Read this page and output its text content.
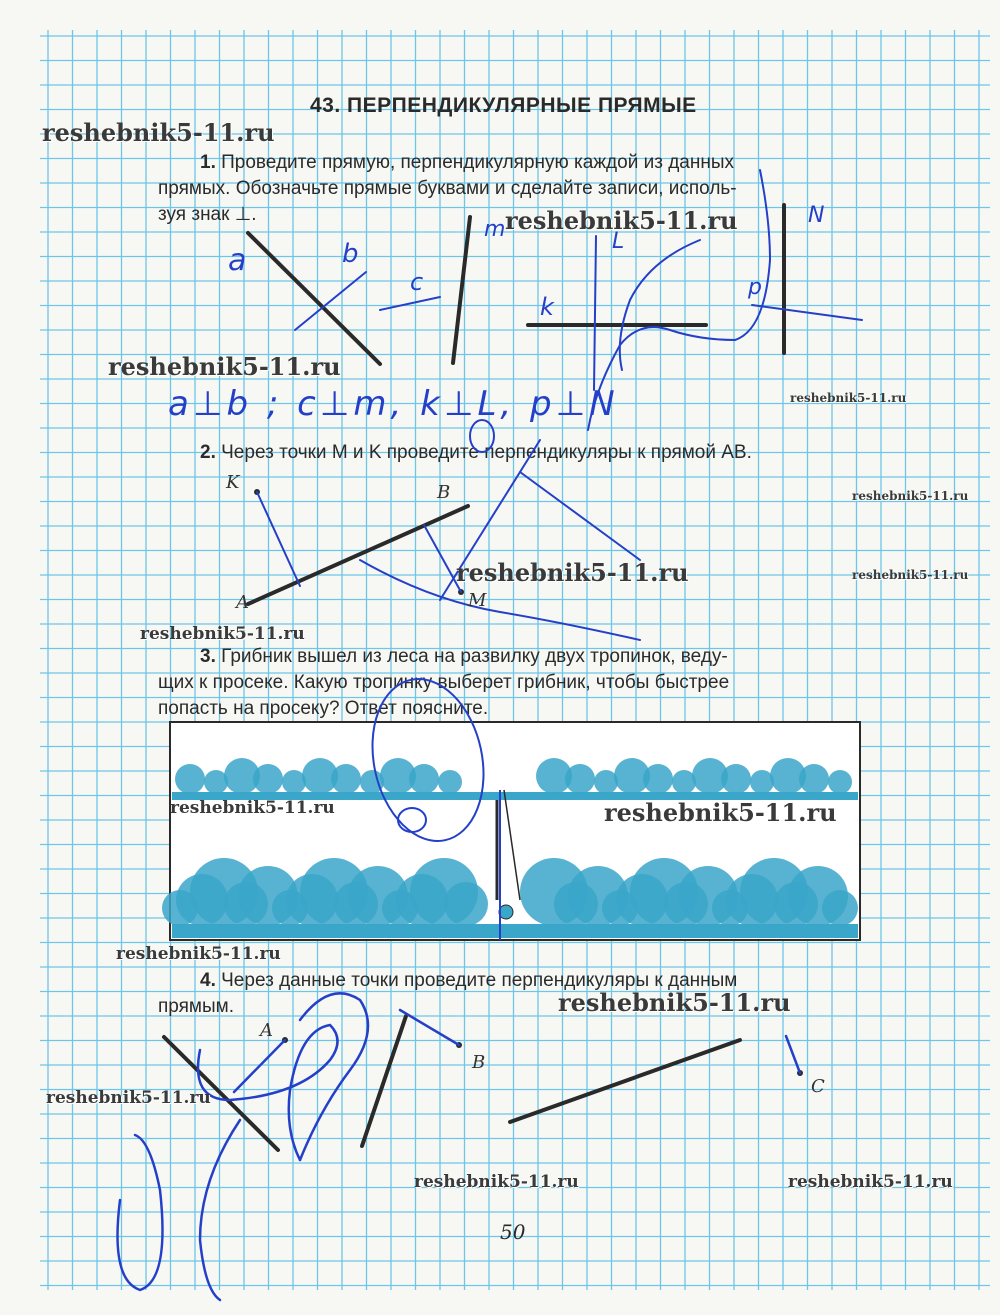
43. ПЕРПЕНДИКУЛЯРНЫЕ ПРЯМЫЕ
1. Проведите прямую, перпендикулярную каждой из данных
прямых. Обозначьте прямые буквами и сделайте записи, исполь-
зуя знак ⊥.
2. Через точки M и K проведите перпендикуляры к прямой AB.
3. Грибник вышел из леса на развилку двух тропинок, веду-
щих к просеке. Какую тропинку выберет грибник, чтобы быстрее
попасть на просеку? Ответ поясните.
4. Через данные точки проведите перпендикуляры к данным
прямым.
a	b
c
m
k
L
p
N
a⊥b ; c⊥m, k⊥L, p⊥N
K	B
A	M
A
B
C
reshebnik5-11.ru
reshebnik5-11.ru
reshebnik5-11.ru
reshebnik5-11.ru
reshebnik5-11.ru
reshebnik5-11.ru	reshebnik5-11.ru
reshebnik5-11.ru
reshebnik5-11.ru	reshebnik5-11.ru
reshebnik5-11.ru
reshebnik5-11.ru
reshebnik5-11.ru
reshebnik5-11.ru	reshebnik5-11.ru
50
